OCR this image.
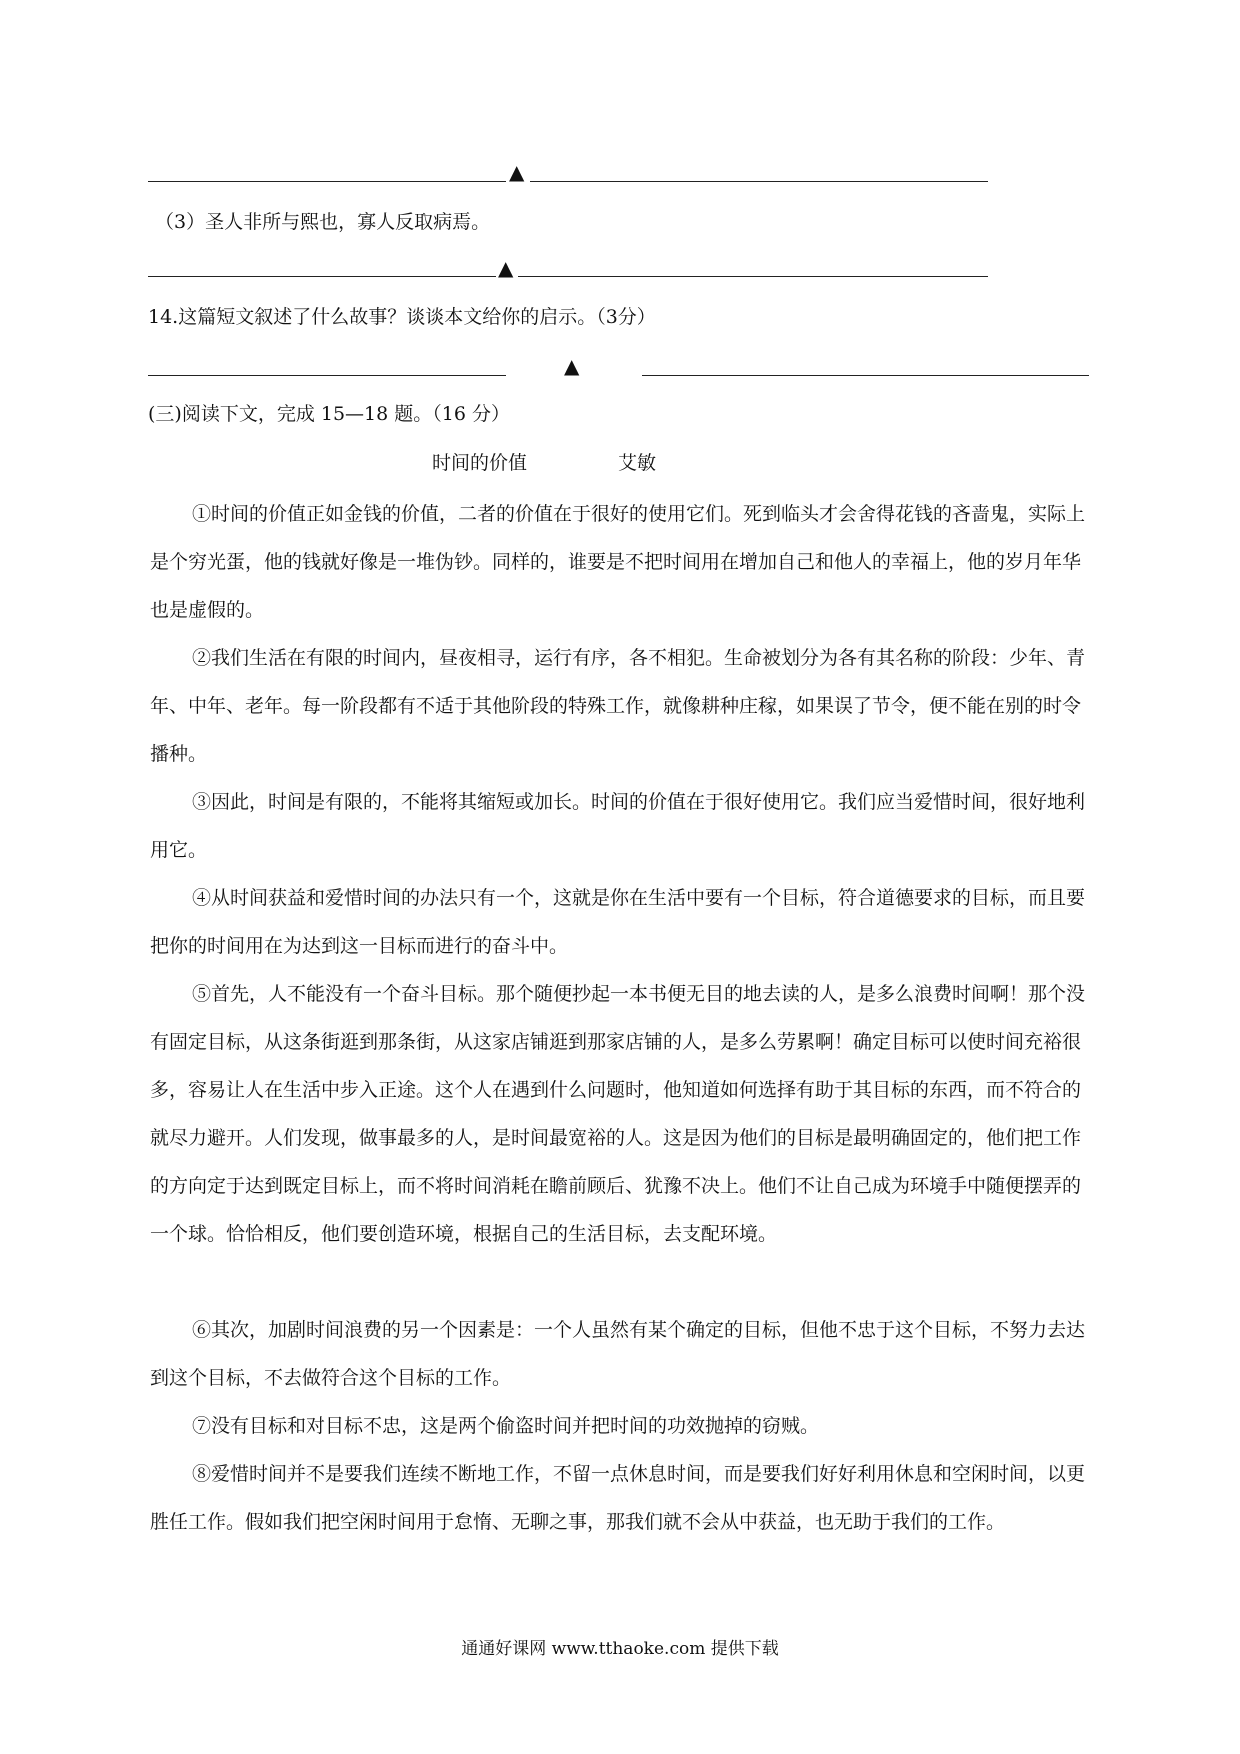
▲
（3）圣人非所与熙也，寡人反取病焉。
▲
14.这篇短文叙述了什么故事？谈谈本文给你的启示。（3分）
▲
(三)阅读下文，完成 15—18 题。（16 分）
时间的价值	艾敏
①时间的价值正如金钱的价值，二者的价值在于很好的使用它们。死到临头才会舍得花钱的吝啬鬼，实际上是个穷光蛋，他的钱就好像是一堆伪钞。同样的，谁要是不把时间用在增加自己和他人的幸福上，他的岁月年华也是虚假的。
②我们生活在有限的时间内，昼夜相寻，运行有序，各不相犯。生命被划分为各有其名称的阶段：少年、青年、中年、老年。每一阶段都有不适于其他阶段的特殊工作，就像耕种庄稼，如果误了节令，便不能在别的时令播种。
③因此，时间是有限的，不能将其缩短或加长。时间的价值在于很好使用它。我们应当爱惜时间，很好地利用它。
④从时间获益和爱惜时间的办法只有一个，这就是你在生活中要有一个目标，符合道德要求的目标，而且要把你的时间用在为达到这一目标而进行的奋斗中。
⑤首先，人不能没有一个奋斗目标。那个随便抄起一本书便无目的地去读的人，是多么浪费时间啊！那个没有固定目标，从这条街逛到那条街，从这家店铺逛到那家店铺的人，是多么劳累啊！确定目标可以使时间充裕很多，容易让人在生活中步入正途。这个人在遇到什么问题时，他知道如何选择有助于其目标的东西，而不符合的就尽力避开。人们发现，做事最多的人，是时间最宽裕的人。这是因为他们的目标是最明确固定的，他们把工作的方向定于达到既定目标上，而不将时间消耗在瞻前顾后、犹豫不决上。他们不让自己成为环境手中随便摆弄的一个球。恰恰相反，他们要创造环境，根据自己的生活目标，去支配环境。
⑥其次，加剧时间浪费的另一个因素是：一个人虽然有某个确定的目标，但他不忠于这个目标，不努力去达到这个目标，不去做符合这个目标的工作。
⑦没有目标和对目标不忠，这是两个偷盗时间并把时间的功效抛掉的窃贼。
⑧爱惜时间并不是要我们连续不断地工作，不留一点休息时间，而是要我们好好利用休息和空闲时间，以更胜任工作。假如我们把空闲时间用于怠惰、无聊之事，那我们就不会从中获益，也无助于我们的工作。
通通好课网 www.tthaoke.com 提供下载
